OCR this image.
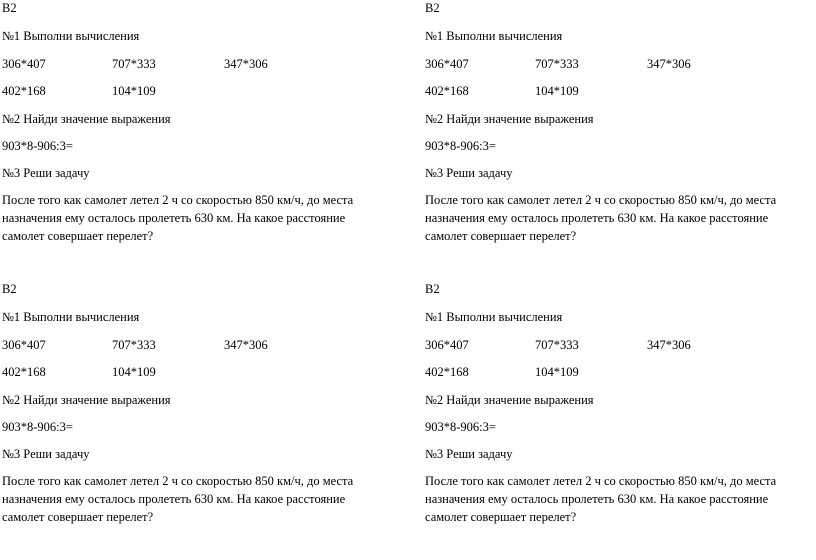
В2
№1 Выполни вычисления
306*407	707*333	347*306
402*168	104*109
№2 Найди значение выражения
903*8-906:3=
№3 Реши задачу
После того как самолет летел 2 ч со скоростью 850 км/ч, до места назначения ему осталось пролететь 630 км. На какое расстояние самолет совершает перелет?
В2
№1 Выполни вычисления
306*407	707*333	347*306
402*168	104*109
№2 Найди значение выражения
903*8-906:3=
№3 Реши задачу
После того как самолет летел 2 ч со скоростью 850 км/ч, до места назначения ему осталось пролететь 630 км. На какое расстояние самолет совершает перелет?
В2
№1 Выполни вычисления
306*407	707*333	347*306
402*168	104*109
№2 Найди значение выражения
903*8-906:3=
№3 Реши задачу
После того как самолет летел 2 ч со скоростью 850 км/ч, до места назначения ему осталось пролететь 630 км. На какое расстояние самолет совершает перелет?
В2
№1 Выполни вычисления
306*407	707*333	347*306
402*168	104*109
№2 Найди значение выражения
903*8-906:3=
№3 Реши задачу
После того как самолет летел 2 ч со скоростью 850 км/ч, до места назначения ему осталось пролететь 630 км. На какое расстояние самолет совершает перелет?
